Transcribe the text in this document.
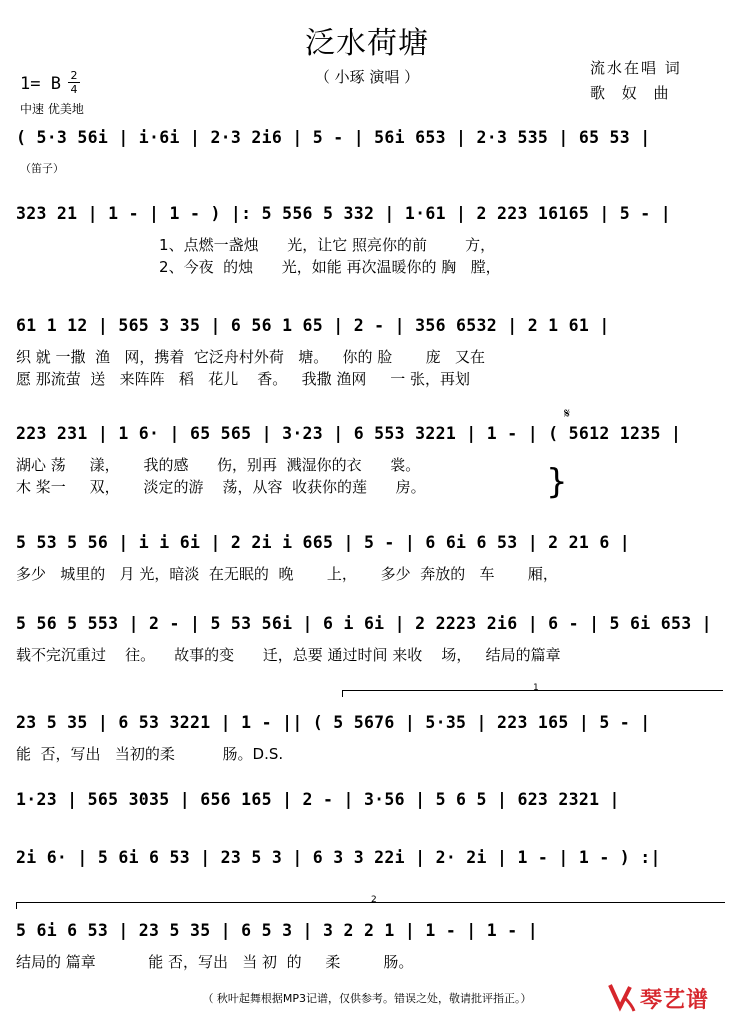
泛水荷塘
（ 小琢 演唱 ）
1= B 2
4
中速 优美地
流水在唱 词
歌 奴 曲
( 5·3 56i | i·6i | 2·3 2i6 | 5 - | 56i 653 | 2·3 535 | 65 53 |
323 21 | 1 - | 1 - ) |: 5 556 5 332 | 1·61 | 2 223 16165 | 5 - |
1、点燃一盏烛      光，让它 照亮你的前        方，
2、今夜  的烛      光，如能 再次温暖你的 胸   膛，
61 1 12 | 565 3 35 | 6 56 1 65 | 2 - | 356 6532 | 2 1 61 |
织 就 一撒  渔   网，携着  它泛舟村外荷   塘。   你的 脸       庞   又在
愿 那流萤  送   来阵阵   稻   花儿    香。   我撒 渔网     一 张，再划
223 231 | 1 6· | 65 565 | 3·23 | 6 553 3221 | 1 - | ( 5612 1235 |
湖心 荡     漾，     我的感      伤，别再  溅湿你的衣      裳。
木 桨一     双，     淡定的游    荡，从容  收获你的莲      房。
5 53 5 56 | i i 6i | 2 2i i 665 | 5 - | 6 6i 6 53 | 2 21 6 |
多少   城里的   月 光，暗淡  在无眠的  晚       上，     多少  奔放的   车       厢，
5 56 5 553 | 2 - | 5 53 56i | 6 i 6i | 2 2223 2i6 | 6 - | 5 6i 653 |
载不完沉重过    往。    故事的变      迁，总要 通过时间 来收    场，   结局的篇章
23 5 35 | 6 53 3221 | 1 - || ( 5 5676 | 5·35 | 223 165 | 5 - |
能  否，写出   当初的柔          肠。D.S.
1·23 | 565 3035 | 656 165 | 2 - | 3·56 | 5 6 5 | 623 2321 |
2i 6· | 5 6i 6 53 | 23 5 3 | 6 3 3 22i | 2· 2i | 1 - | 1 - ) :|
5 6i 6 53 | 23 5 35 | 6 5 3 | 3 2 2 1 | 1 - | 1 - |
结局的 篇章           能 否，写出   当 初  的     柔         肠。
（笛子）
𝄋
}
1
2
（ 秋叶起舞根据MP3记谱，仅供参考。错误之处，敬请批评指正。）	琴艺谱
